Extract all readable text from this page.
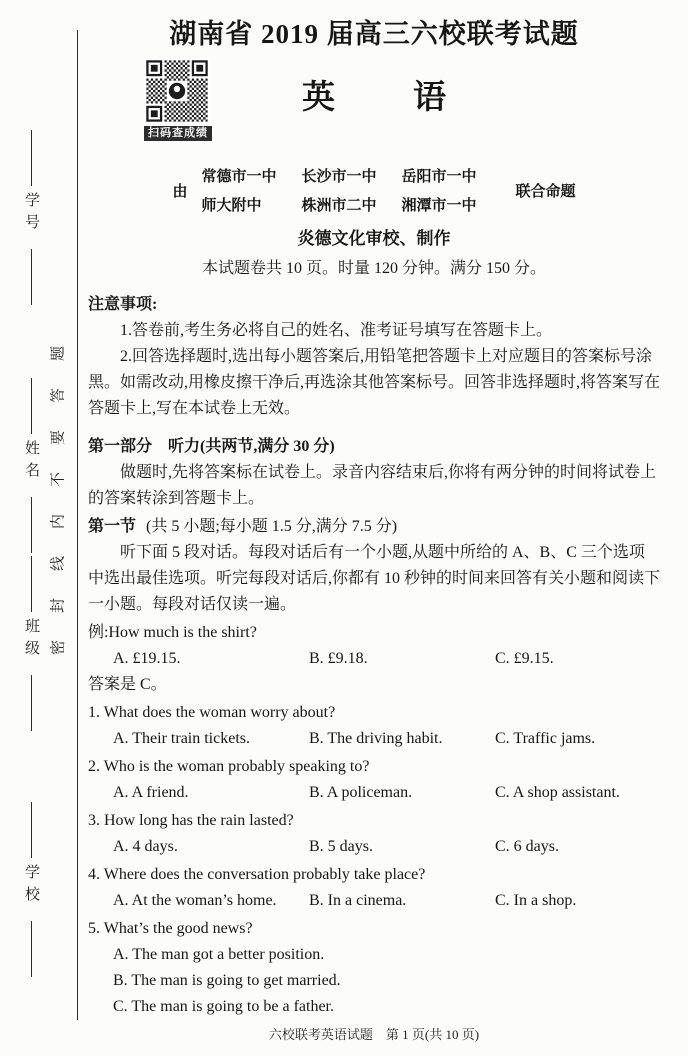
学号
姓名
班级
学校
密封线内不要答题
湖南省 2019 届高三六校联考试题
扫码查成绩
英语
由
常德市一中	长沙市一中	岳阳市一中
师大附中	株洲市二中	湘潭市一中
联合命题
炎德文化审校、制作
本试题卷共 10 页。时量 120 分钟。满分 150 分。
注意事项:
1.答卷前,考生务必将自己的姓名、准考证号填写在答题卡上。
2.回答选择题时,选出每小题答案后,用铅笔把答题卡上对应题目的答案标号涂黑。如需改动,用橡皮擦干净后,再选涂其他答案标号。回答非选择题时,将答案写在答题卡上,写在本试卷上无效。
第一部分　听力(共两节,满分 30 分)
做题时,先将答案标在试卷上。录音内容结束后,你将有两分钟的时间将试卷上的答案转涂到答题卡上。
第一节 (共 5 小题;每小题 1.5 分,满分 7.5 分)
听下面 5 段对话。每段对话后有一个小题,从题中所给的 A、B、C 三个选项中选出最佳选项。听完每段对话后,你都有 10 秒钟的时间来回答有关小题和阅读下一小题。每段对话仅读一遍。
例:How much is the shirt?
A. £19.15.	B. £9.18.	C. £9.15.
答案是 C。
1. What does the woman worry about?
A. Their train tickets.	B. The driving habit.	C. Traffic jams.
2. Who is the woman probably speaking to?
A. A friend.	B. A policeman.	C. A shop assistant.
3. How long has the rain lasted?
A. 4 days.	B. 5 days.	C. 6 days.
4. Where does the conversation probably take place?
A. At the woman’s home.	B. In a cinema.	C. In a shop.
5. What’s the good news?
A. The man got a better position.
B. The man is going to get married.
C. The man is going to be a father.
六校联考英语试题    第 1 页(共 10 页)
